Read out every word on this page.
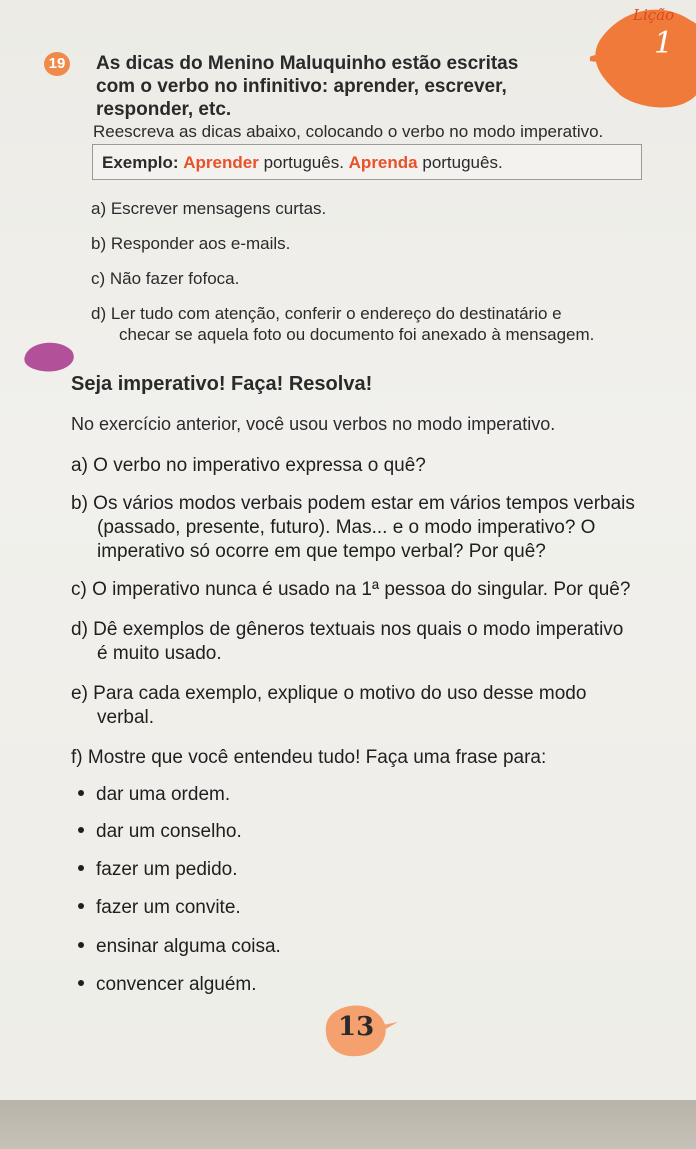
Lição
1
19 As dicas do Menino Maluquinho estão escritas
com o verbo no infinitivo: aprender, escrever,
responder, etc.
Reescreva as dicas abaixo, colocando o verbo no modo imperativo.
Exemplo: Aprender português. Aprenda português.
a) Escrever mensagens curtas.
b) Responder aos e-mails.
c) Não fazer fofoca.
d) Ler tudo com atenção, conferir o endereço do destinatário e
checar se aquela foto ou documento foi anexado à mensagem.
Seja imperativo! Faça! Resolva!
No exercício anterior, você usou verbos no modo imperativo.
a) O verbo no imperativo expressa o quê?
b) Os vários modos verbais podem estar em vários tempos verbais
(passado, presente, futuro). Mas... e o modo imperativo? O
imperativo só ocorre em que tempo verbal? Por quê?
c) O imperativo nunca é usado na 1ª pessoa do singular. Por quê?
d) Dê exemplos de gêneros textuais nos quais o modo imperativo
é muito usado.
e) Para cada exemplo, explique o motivo do uso desse modo
verbal.
f) Mostre que você entendeu tudo! Faça uma frase para:
dar uma ordem.
dar um conselho.
fazer um pedido.
fazer um convite.
ensinar alguma coisa.
convencer alguém.
13
